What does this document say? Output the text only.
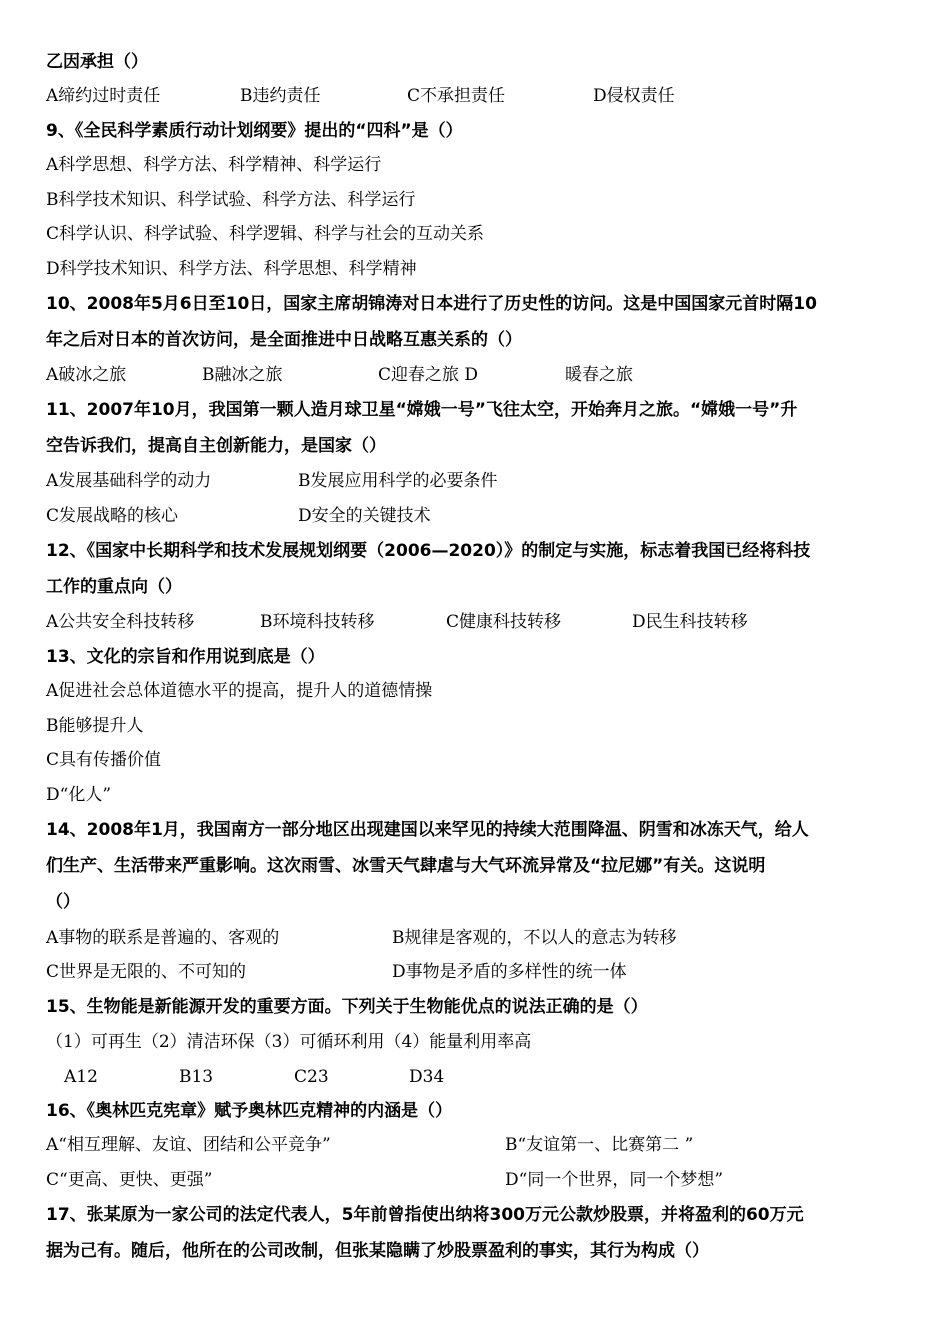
乙因承担（）
A缔约过时责任	B违约责任	C不承担责任	D侵权责任
9、《全民科学素质行动计划纲要》提出的“四科”是（）
A科学思想、科学方法、科学精神、科学运行
B科学技术知识、科学试验、科学方法、科学运行
C科学认识、科学试验、科学逻辑、科学与社会的互动关系
D科学技术知识、科学方法、科学思想、科学精神
10、2008年5月6日至10日，国家主席胡锦涛对日本进行了历史性的访问。这是中国国家元首时隔10
年之后对日本的首次访问，是全面推进中日战略互惠关系的（）
A破冰之旅	B融冰之旅	C迎春之旅 D	暖春之旅
11、2007年10月，我国第一颗人造月球卫星“嫦娥一号”飞往太空，开始奔月之旅。“嫦娥一号”升
空告诉我们，提高自主创新能力，是国家（）
A发展基础科学的动力	B发展应用科学的必要条件
C发展战略的核心	D安全的关键技术
12、《国家中长期科学和技术发展规划纲要（2006—2020）》的制定与实施，标志着我国已经将科技
工作的重点向（）
A公共安全科技转移	B环境科技转移	C健康科技转移	D民生科技转移
13、文化的宗旨和作用说到底是（）
A促进社会总体道德水平的提高，提升人的道德情操
B能够提升人
C具有传播价值
D“化人”
14、2008年1月，我国南方一部分地区出现建国以来罕见的持续大范围降温、阴雪和冰冻天气，给人
们生产、生活带来严重影响。这次雨雪、冰雪天气肆虐与大气环流异常及“拉尼娜”有关。这说明
（）
A事物的联系是普遍的、客观的	B规律是客观的，不以人的意志为转移
C世界是无限的、不可知的	D事物是矛盾的多样性的统一体
15、生物能是新能源开发的重要方面。下列关于生物能优点的说法正确的是（）
（1）可再生（2）清洁环保（3）可循环利用（4）能量利用率高
A12	B13	C23	D34
16、《奥林匹克宪章》赋予奥林匹克精神的内涵是（）
A“相互理解、友谊、团结和公平竞争”	B“友谊第一、比赛第二 ”
C“更高、更快、更强”	D“同一个世界，同一个梦想”
17、张某原为一家公司的法定代表人，5年前曾指使出纳将300万元公款炒股票，并将盈利的60万元
据为己有。随后，他所在的公司改制，但张某隐瞒了炒股票盈利的事实，其行为构成（）
